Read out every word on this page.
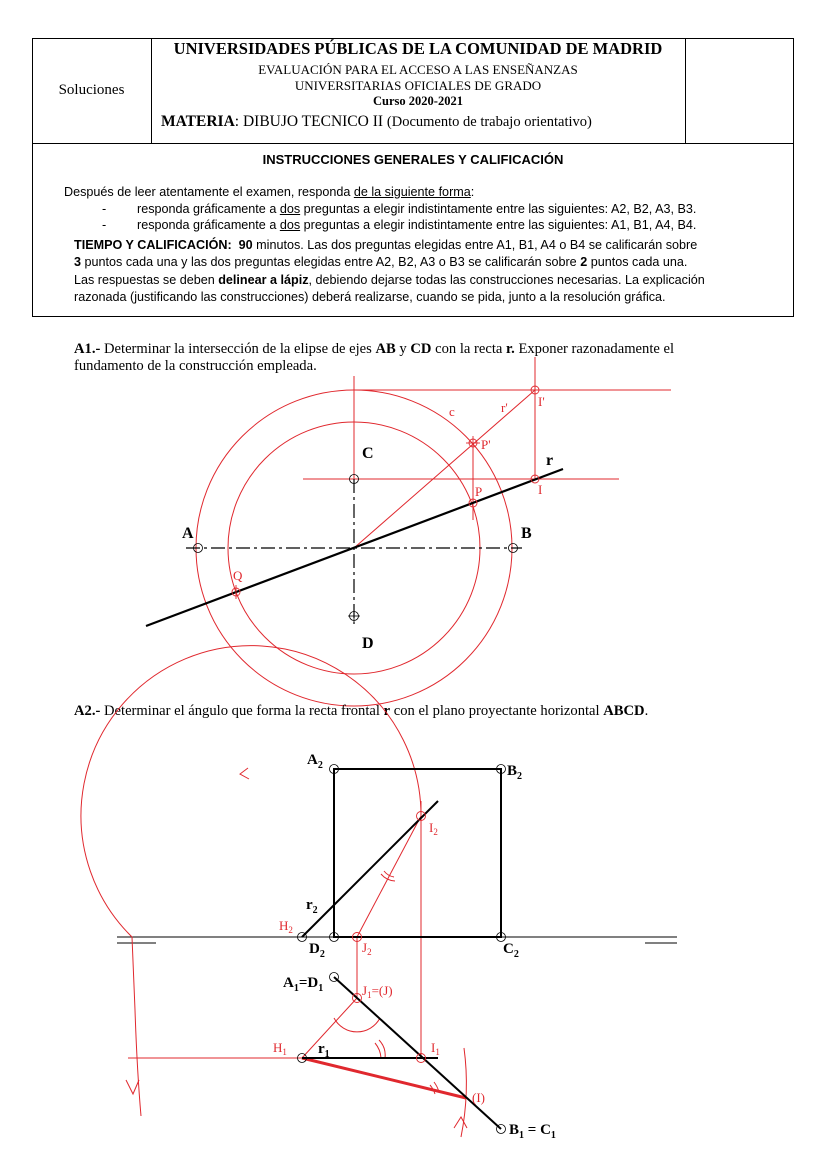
Soluciones
UNIVERSIDADES PÚBLICAS DE LA COMUNIDAD DE MADRID
EVALUACIÓN PARA EL ACCESO A LAS ENSEÑANZAS
UNIVERSITARIAS OFICIALES DE GRADO
Curso 2020-2021
MATERIA: DIBUJO TECNICO II (Documento de trabajo orientativo)
INSTRUCCIONES GENERALES Y CALIFICACIÓN
Después de leer atentamente el examen, responda de la siguiente forma:
- responda gráficamente a dos preguntas a elegir indistintamente entre las siguientes: A2, B2, A3, B3.
- responda gráficamente a dos preguntas a elegir indistintamente entre las siguientes: A1, B1, A4, B4.
TIEMPO Y CALIFICACIÓN: 90 minutos. Las dos preguntas elegidas entre A1, B1, A4 o B4 se calificarán sobre
3 puntos cada una y las dos preguntas elegidas entre A2, B2, A3 o B3 se calificarán sobre 2 puntos cada una.
Las respuestas se deben delinear a lápiz, debiendo dejarse todas las construcciones necesarias. La explicación
razonada (justificando las construcciones) deberá realizarse, cuando se pida, junto a la resolución gráfica.
A1.- Determinar la intersección de la elipse de ejes AB y CD con la recta r. Exponer razonadamente el
fundamento de la construcción empleada.
A	B
C
D
r
I'
I
r'
c
P'
P
Q
A2.- Determinar el ángulo que forma la recta frontal r con el plano proyectante horizontal ABCD.
$A_2$	$B_2$
$D_2$	$C_2$
$r_2$
$A_1=D_1$
$r_1$
$B_1 = C_1$
$H_2$
$J_2$
$I_2$
$J_1=(J)$
$H_1$	$I_1$
(I)
